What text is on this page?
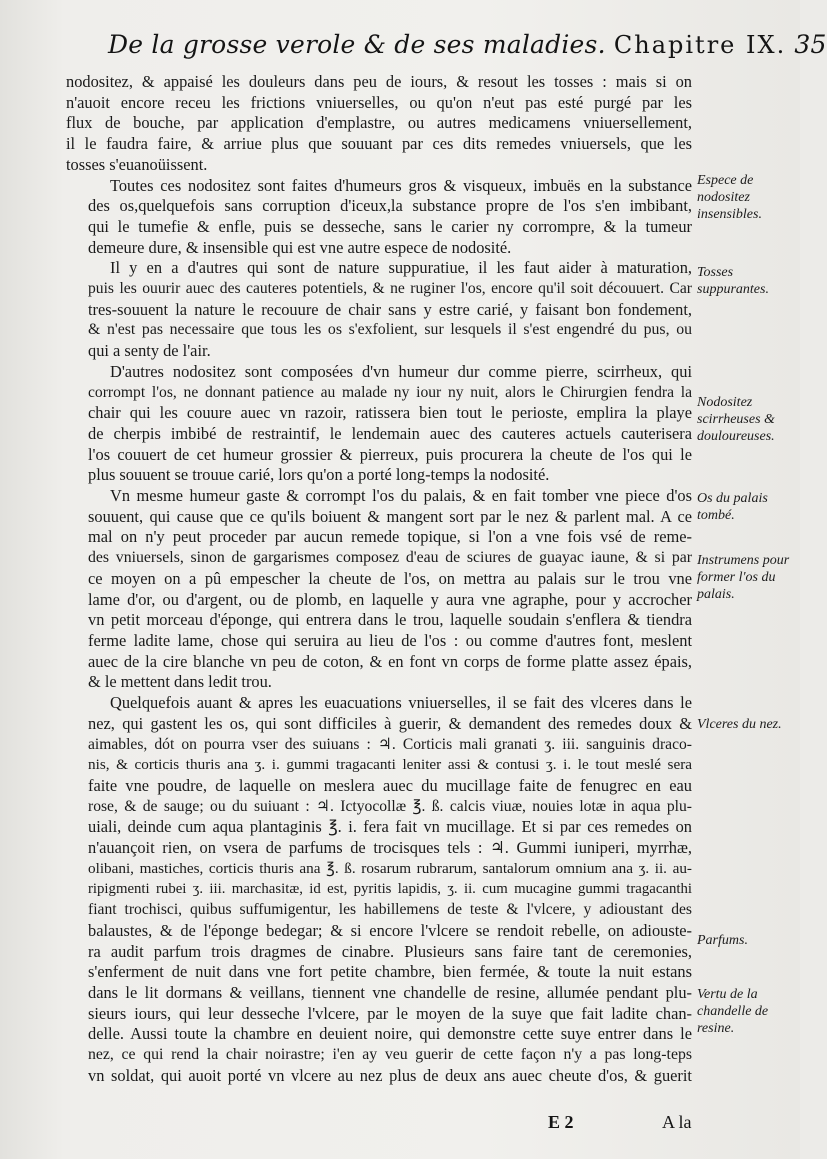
De la grosse verole & de ses maladies. Chapitre IX. 35

nodositez, & appaisé les douleurs dans peu de iours, & resout les tosses : mais si on
n'auoit encore receu les frictions vniuerselles, ou qu'on n'eut pas esté purgé par les
flux de bouche, par application d'emplastre, ou autres medicamens vniuersellement,
il le faudra faire, & arriue plus que souuant par ces dits remedes vniuersels, que les
tosses s'euanoüissent.

Toutes ces nodositez sont faites d'humeurs gros & visqueux, imbuës en la substance
des os,quelquefois sans corruption d'iceux,la substance propre de l'os s'en imbibant,
qui le tumefie & enfle, puis se desseche, sans le carier ny corrompre, & la tumeur
demeure dure, & insensible qui est vne autre espece de nodosité.

Il y en a d'autres qui sont de nature suppuratiue, il les faut aider à maturation,
puis les ouurir auec des cauteres potentiels, & ne ruginer l'os, encore qu'il soit découuert. Car
tres-souuent la nature le recouure de chair sans y estre carié, y faisant bon fondement,
& n'est pas necessaire que tous les os s'exfolient, sur lesquels il s'est engendré du pus, ou
qui a senty de l'air.

D'autres nodositez sont composées d'vn humeur dur comme pierre, scirrheux, qui
corrompt l'os, ne donnant patience au malade ny iour ny nuit, alors le Chirurgien fendra la
chair qui les couure auec vn razoir, ratissera bien tout le perioste, emplira la playe
de cherpis imbibé de restraintif, le lendemain auec des cauteres actuels cauterisera
l'os couuert de cet humeur grossier & pierreux, puis procurera la cheute de l'os qui le
plus souuent se trouue carié, lors qu'on a porté long-temps la nodosité.

Vn mesme humeur gaste & corrompt l'os du palais, & en fait tomber vne piece d'os
souuent, qui cause que ce qu'ils boiuent & mangent sort par le nez & parlent mal. A ce
mal on n'y peut proceder par aucun remede topique, si l'on a vne fois vsé de reme-
des vniuersels, sinon de gargarismes composez d'eau de sciures de guayac iaune, & si par
ce moyen on a pû empescher la cheute de l'os, on mettra au palais sur le trou vne
lame d'or, ou d'argent, ou de plomb, en laquelle y aura vne agraphe, pour y accrocher
vn petit morceau d'éponge, qui entrera dans le trou, laquelle soudain s'enflera & tiendra
ferme ladite lame, chose qui seruira au lieu de l'os : ou comme d'autres font, meslent
auec de la cire blanche vn peu de coton, & en font vn corps de forme platte assez épais,
& le mettent dans ledit trou.

Quelquefois auant & apres les euacuations vniuerselles, il se fait des vlceres dans le
nez, qui gastent les os, qui sont difficiles à guerir, & demandent des remedes doux &
aimables, dót on pourra vser des suiuans : ♃. Corticis mali granati ʒ. iii. sanguinis draco-
nis, & corticis thuris ana ʒ. i. gummi tragacanti leniter assi & contusi ʒ. i. le tout meslé sera
faite vne poudre, de laquelle on meslera auec du mucillage faite de fenugrec en eau
rose, & de sauge; ou du suiuant : ♃. Ictyocollæ ℥. ß. calcis viuæ, nouies lotæ in aqua plu-
uiali, deinde cum aqua plantaginis ℥. i. fera fait vn mucillage. Et si par ces remedes on
n'auançoit rien, on vsera de parfums de trocisques tels : ♃. Gummi iuniperi, myrrhæ,
olibani, mastiches, corticis thuris ana ℥. ß. rosarum rubrarum, santalorum omnium ana ʒ. ii. au-
ripigmenti rubei ʒ. iii. marchasitæ, id est, pyritis lapidis, ʒ. ii. cum mucagine gummi tragacanthi
fiant trochisci, quibus suffumigentur, les habillemens de teste & l'vlcere, y adioustant des
balaustes, & de l'éponge bedegar; & si encore l'vlcere se rendoit rebelle, on adiouste-
ra audit parfum trois dragmes de cinabre. Plusieurs sans faire tant de ceremonies,
s'enferment de nuit dans vne fort petite chambre, bien fermée, & toute la nuit estans
dans le lit dormans & veillans, tiennent vne chandelle de resine, allumée pendant plu-
sieurs iours, qui leur desseche l'vlcere, par le moyen de la suye que fait ladite chan-
delle. Aussi toute la chambre en deuient noire, qui demonstre cette suye entrer dans le
nez, ce qui rend la chair noirastre; i'en ay veu guerir de cette façon n'y a pas long-teps
vn soldat, qui auoit porté vn vlcere au nez plus de deux ans auec cheute d'os, & guerit

Espece de nodositez insensibles.
Tosses suppurantes.
Nodositez scirrheuses & douloureuses.
Os du palais tombé.
Instrumens pour former l'os du palais.
Vlceres du nez.
Parfums.
Vertu de la chandelle de resine.
E 2	A la
